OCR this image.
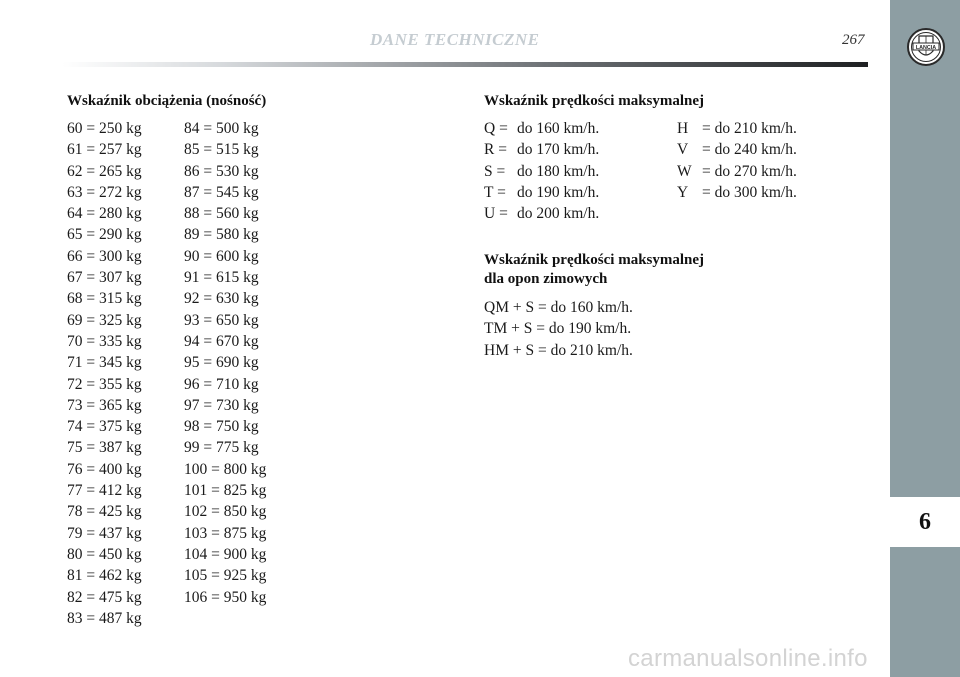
DANE TECHNICZNE	267	LANCIA
6
Wskaźnik obciążenia (nośność)
60 = 250 kg
61 = 257 kg
62 = 265 kg
63 = 272 kg
64 = 280 kg
65 = 290 kg
66 = 300 kg
67 = 307 kg
68 = 315 kg
69 = 325 kg
70 = 335 kg
71 = 345 kg
72 = 355 kg
73 = 365 kg
74 = 375 kg
75 = 387 kg
76 = 400 kg
77 = 412 kg
78 = 425 kg
79 = 437 kg
80 = 450 kg
81 = 462 kg
82 = 475 kg
83 = 487 kg
84 = 500 kg
85 = 515 kg
86 = 530 kg
87 = 545 kg
88 = 560 kg
89 = 580 kg
90 = 600 kg
91 = 615 kg
92 = 630 kg
93 = 650 kg
94 = 670 kg
95 = 690 kg
96 = 710 kg
97 = 730 kg
98 = 750 kg
99 = 775 kg
100 = 800 kg
101 = 825 kg
102 = 850 kg
103 = 875 kg
104 = 900 kg
105 = 925 kg
106 = 950 kg
Wskaźnik prędkości maksymalnej
Q = do 160 km/h.
R = do 170 km/h.
S = do 180 km/h.
T = do 190 km/h.
U = do 200 km/h.
H = do 210 km/h.
V = do 240 km/h.
W = do 270 km/h.
Y = do 300 km/h.
Wskaźnik prędkości maksymalnej
dla opon zimowych
QM + S = do 160 km/h.
TM + S = do 190 km/h.
HM + S = do 210 km/h.
carmanualsonline.info
